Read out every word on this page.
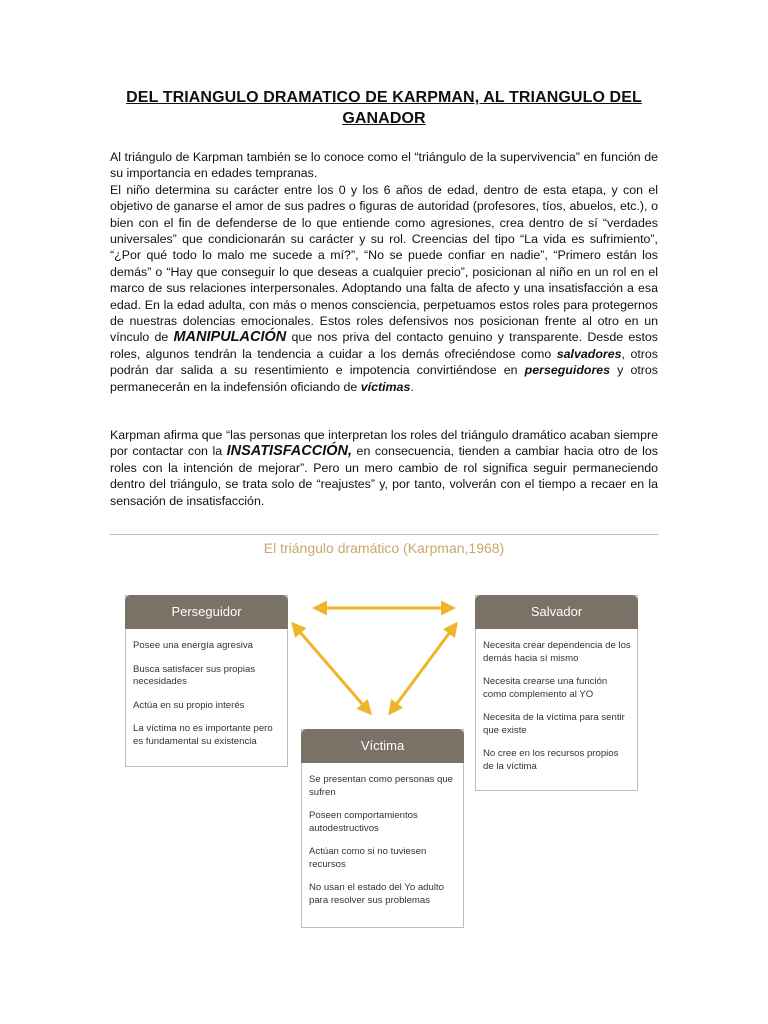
DEL TRIANGULO DRAMATICO DE KARPMAN, AL TRIANGULO DEL GANADOR
Al triángulo de Karpman también se lo conoce como el “triángulo de la supervivencia” en función de su importancia en edades tempranas.
El niño determina su carácter entre los 0 y los 6 años de edad, dentro de esta etapa, y con el objetivo de ganarse el amor de sus padres o figuras de autoridad (profesores, tíos, abuelos, etc.), o bien con el fin de defenderse de lo que entiende como agresiones, crea dentro de sí “verdades universales” que condicionarán su carácter y su rol. Creencias del tipo “La vida es sufrimiento”, “¿Por qué todo lo malo me sucede a mí?”, “No se puede confiar en nadie”, “Primero están los demás” o “Hay que conseguir lo que deseas a cualquier precio”, posicionan al niño en un rol en el marco de sus relaciones interpersonales. Adoptando una falta de afecto y una insatisfacción a esa edad. En la edad adulta, con más o menos consciencia, perpetuamos estos roles para protegernos de nuestras dolencias emocionales. Estos roles defensivos nos posicionan frente al otro en un vínculo de MANIPULACIÓN que nos priva del contacto genuino y transparente. Desde estos roles, algunos tendrán la tendencia a cuidar a los demás ofreciéndose como salvadores, otros podrán dar salida a su resentimiento e impotencia convirtiéndose en perseguidores y otros permanecerán en la indefensión oficiando de víctimas.
Karpman afirma que “las personas que interpretan los roles del triángulo dramático acaban siempre por contactar con la INSATISFACCIÓN, en consecuencia, tienden a cambiar hacia otro de los roles con la intención de mejorar”. Pero un mero cambio de rol significa seguir permaneciendo dentro del triángulo, se trata solo de “reajustes” y, por tanto, volverán con el tiempo a recaer en la sensación de insatisfacción.
El triángulo dramático (Karpman,1968)
Perseguidor
Posee una energía agresiva
Busca satisfacer sus propias necesidades
Actúa en su propio interés
La víctima no es importante pero es fundamental su existencia
Salvador
Necesita crear dependencia de los demás hacia sí mismo
Necesita crearse una función como complemento al YO
Necesita de la víctima para sentir que existe
No cree en los recursos propios de la víctima
Víctima
Se presentan como personas que sufren
Poseen comportamientos autodestructivos
Actúan como si no tuviesen recursos
No usan el estado del Yo adulto para resolver sus problemas
